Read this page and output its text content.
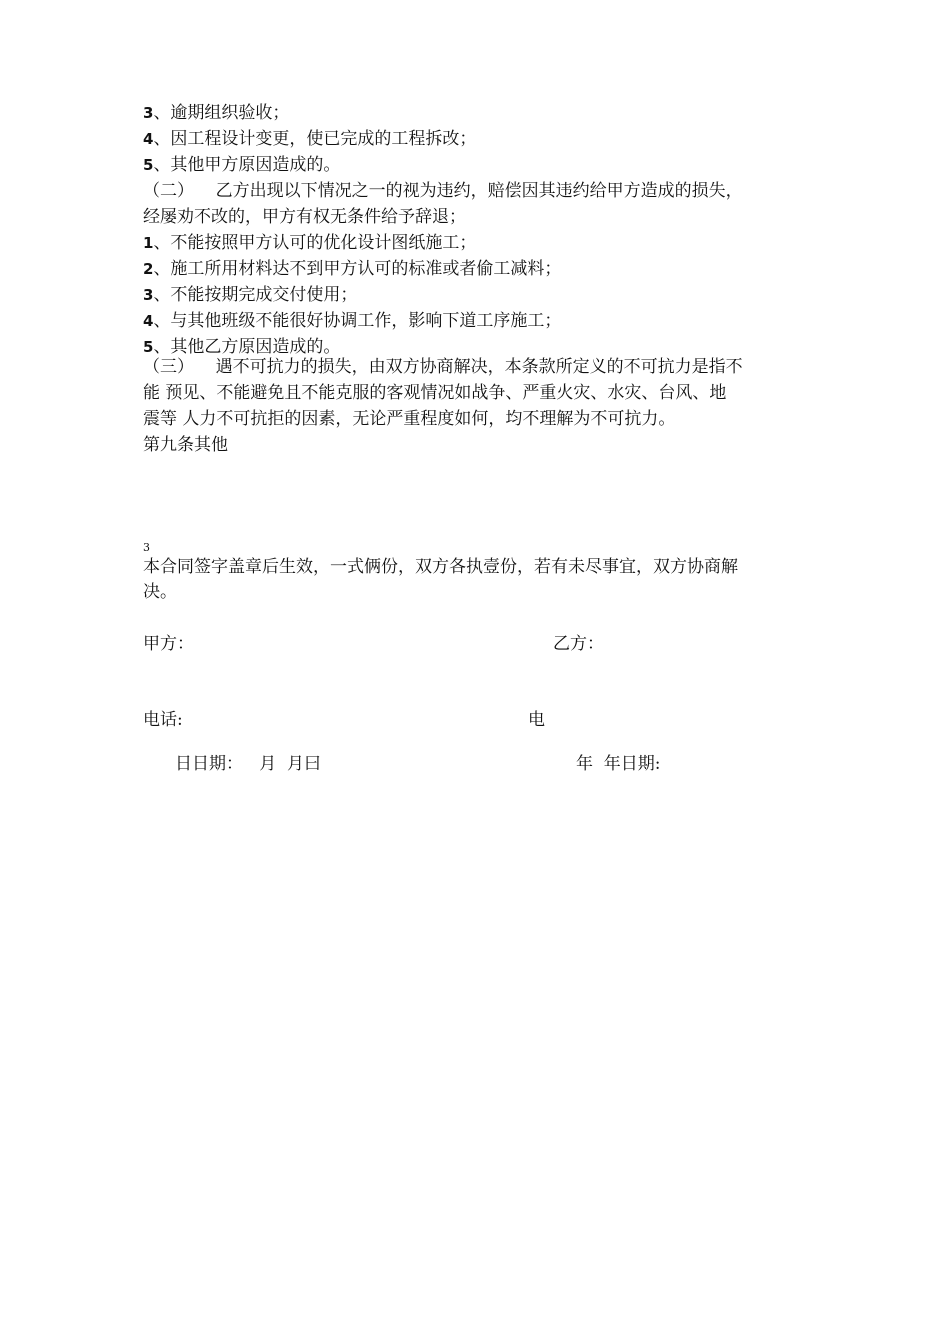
3、逾期组织验收；
4、因工程设计变更，使已完成的工程拆改；
5、其他甲方原因造成的。
（二）    乙方出现以下情况之一的视为违约，赔偿因其违约给甲方造成的损失，
经屡劝不改的，甲方有权无条件给予辞退；
1、不能按照甲方认可的优化设计图纸施工；
2、施工所用材料达不到甲方认可的标准或者偷工减料；
3、不能按期完成交付使用；
4、与其他班级不能很好协调工作，影响下道工序施工；
5、其他乙方原因造成的。
（三）    遇不可抗力的损失，由双方协商解决，本条款所定义的不可抗力是指不
能 预见、不能避免且不能克服的客观情况如战争、严重火灾、水灾、台风、地
震等 人力不可抗拒的因素，无论严重程度如何，均不理解为不可抗力。
第九条其他
3
本合同签字盖章后生效，一式俩份，双方各执壹份，若有未尽事宜，双方协商解
决。
甲方：	乙方：
电话:	电
日日期：   月  月曰	年  年日期:
